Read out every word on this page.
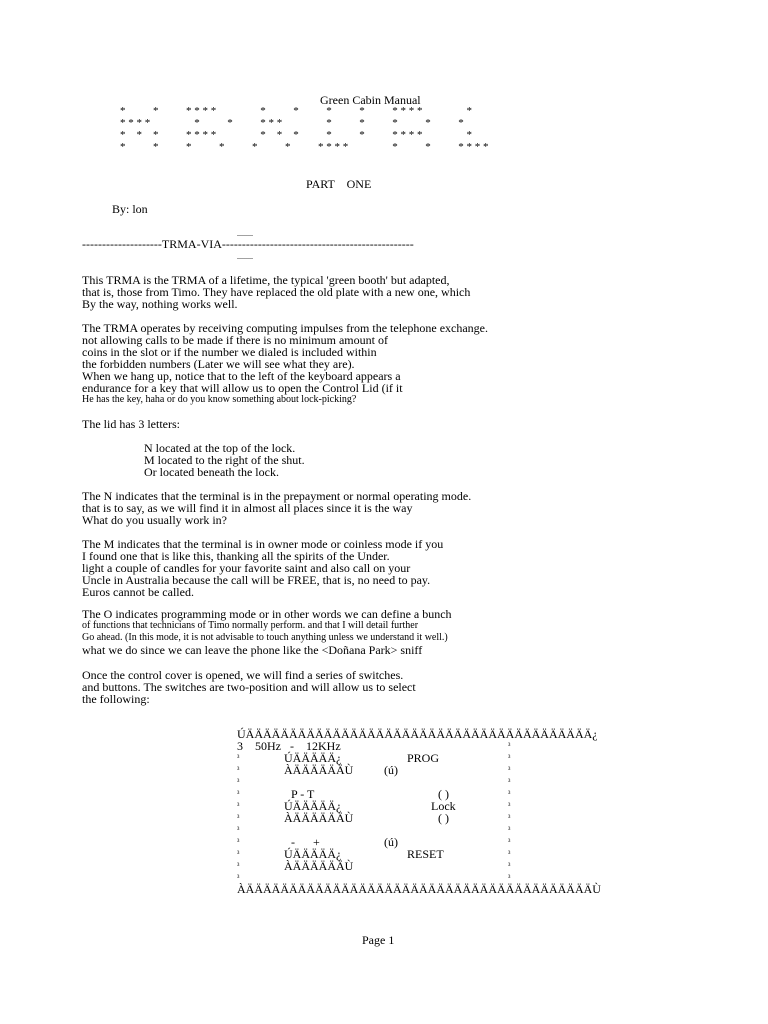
Green Cabin Manual
*          *          * * * *                *          *          *          *          * * * *                *
* * * *                *          *          * * *                *          *          *          *          *
*    *    *          * * * *                *    *    *          *          *          * * * *                *
*          *          *          *          *          *          * * * *                *          *          * * * *
PART    ONE
By: lon
........
--------------------TRMA-VIA------------------------------------------------
........
This TRMA is the TRMA of a lifetime, the typical 'green booth' but adapted,
that is, those from Timo. They have replaced the old plate with a new one, which
By the way, nothing works well.
The TRMA operates by receiving computing impulses from the telephone exchange.
not allowing calls to be made if there is no minimum amount of
coins in the slot or if the number we dialed is included within
the forbidden numbers (Later we will see what they are).
When we hang up, notice that to the left of the keyboard appears a
endurance for a key that will allow us to open the Control Lid (if it
He has the key, haha or do you know something about lock-picking?
The lid has 3 letters:
N located at the top of the lock.
M located to the right of the shut.
Or located beneath the lock.
The N indicates that the terminal is in the prepayment or normal operating mode.
that is to say, as we will find it in almost all places since it is the way
What do you usually work in?
The M indicates that the terminal is in owner mode or coinless mode if you
I found one that is like this, thanking all the spirits of the Under.
light a couple of candles for your favorite saint and also call on your
Uncle in Australia because the call will be FREE, that is, no need to pay.
Euros cannot be called.
The O indicates programming mode or in other words we can define a bunch
of functions that technicians of Timo normally perform. and that I will detail further
Go ahead. (In this mode, it is not advisable to touch anything unless we understand it well.)
what we do since we can leave the phone like the <Doñana Park> sniff
Once the control cover is opened, we will find a series of switches.
and buttons. The switches are two-position and will allow us to select
the following:
ÚÄÄÄÄÄÄÄÄÄÄÄÄÄÄÄÄÄÄÄÄÄÄÄÄÄÄÄÄÄÄÄÄÄÄÄÄÄÄÄÄ¿
3    50Hz   -    12KHz	³
³	ÚÄÄÄÄÄ¿	PROG	³
³	ÀÄÄÄÄÄÄÙ	(ú)	³
³	³
³	P - T	( )	³
³	ÚÄÄÄÄÄ¿	Lock	³
³	ÀÄÄÄÄÄÄÙ	( )	³
³	³
³	-      +	(ú)	³
³	ÚÄÄÄÄÄ¿	RESET	³
³	ÀÄÄÄÄÄÄÙ	³
³	³
ÀÄÄÄÄÄÄÄÄÄÄÄÄÄÄÄÄÄÄÄÄÄÄÄÄÄÄÄÄÄÄÄÄÄÄÄÄÄÄÄÄÙ
Page 1
